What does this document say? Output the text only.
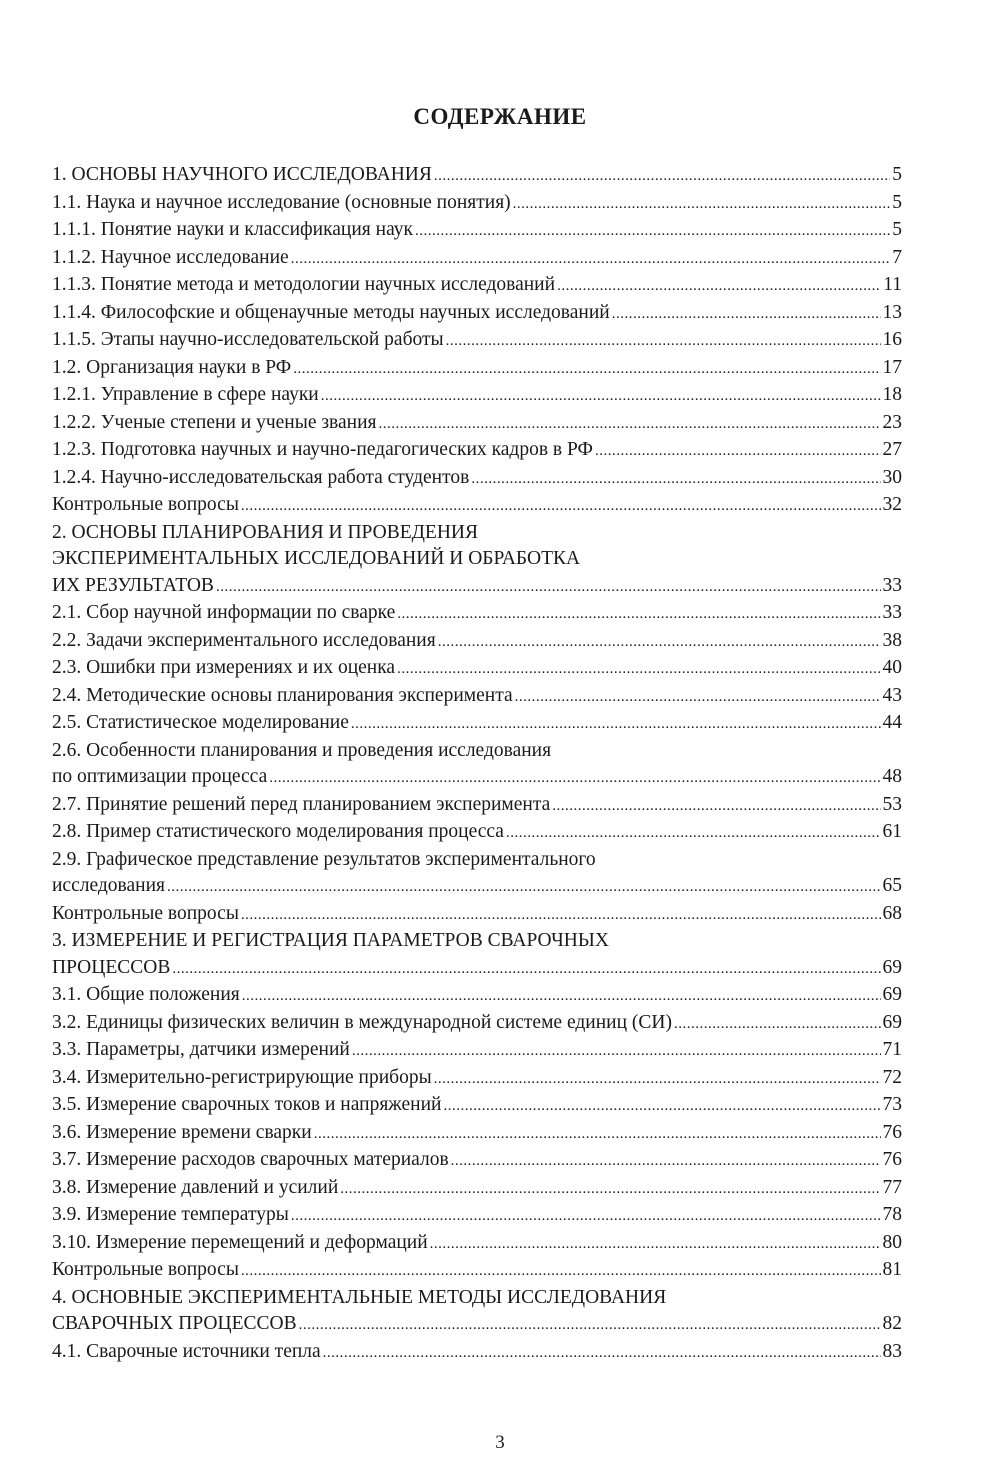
СОДЕРЖАНИЕ
1. ОСНОВЫ НАУЧНОГО ИССЛЕДОВАНИЯ .....	5
1.1. Наука и научное исследование (основные понятия) .....	5
1.1.1. Понятие науки и классификация наук .....	5
1.1.2. Научное исследование .....	7
1.1.3. Понятие метода и методологии научных исследований .....	11
1.1.4. Философские и общенаучные методы научных исследований .....	13
1.1.5. Этапы научно-исследовательской работы .....	16
1.2. Организация науки в РФ .....	17
1.2.1. Управление в сфере науки .....	18
1.2.2. Ученые степени и ученые звания .....	23
1.2.3. Подготовка научных и научно-педагогических кадров в РФ .....	27
1.2.4. Научно-исследовательская работа студентов .....	30
Контрольные вопросы .....	32
2. ОСНОВЫ ПЛАНИРОВАНИЯ И ПРОВЕДЕНИЯ
ЭКСПЕРИМЕНТАЛЬНЫХ ИССЛЕДОВАНИЙ И ОБРАБОТКА
ИХ РЕЗУЛЬТАТОВ .....	33
2.1. Сбор научной информации по сварке .....	33
2.2. Задачи экспериментального исследования .....	38
2.3. Ошибки при измерениях и их оценка .....	40
2.4. Методические основы планирования эксперимента .....	43
2.5. Статистическое моделирование .....	44
2.6. Особенности планирования и проведения исследования
по оптимизации процесса .....	48
2.7. Принятие решений перед планированием эксперимента .....	53
2.8. Пример статистического моделирования процесса .....	61
2.9. Графическое представление результатов экспериментального
исследования .....	65
Контрольные вопросы .....	68
3. ИЗМЕРЕНИЕ И РЕГИСТРАЦИЯ ПАРАМЕТРОВ СВАРОЧНЫХ
ПРОЦЕССОВ .....	69
3.1. Общие положения .....	69
3.2. Единицы физических величин в международной системе единиц (СИ) .....	69
3.3. Параметры, датчики измерений .....	71
3.4. Измерительно-регистрирующие приборы .....	72
3.5. Измерение сварочных токов и напряжений .....	73
3.6. Измерение времени сварки .....	76
3.7. Измерение расходов сварочных материалов .....	76
3.8. Измерение давлений и усилий .....	77
3.9. Измерение температуры .....	78
3.10. Измерение перемещений и деформаций .....	80
Контрольные вопросы .....	81
4. ОСНОВНЫЕ ЭКСПЕРИМЕНТАЛЬНЫЕ МЕТОДЫ ИССЛЕДОВАНИЯ
СВАРОЧНЫХ ПРОЦЕССОВ .....	82
4.1. Сварочные источники тепла .....	83
3
